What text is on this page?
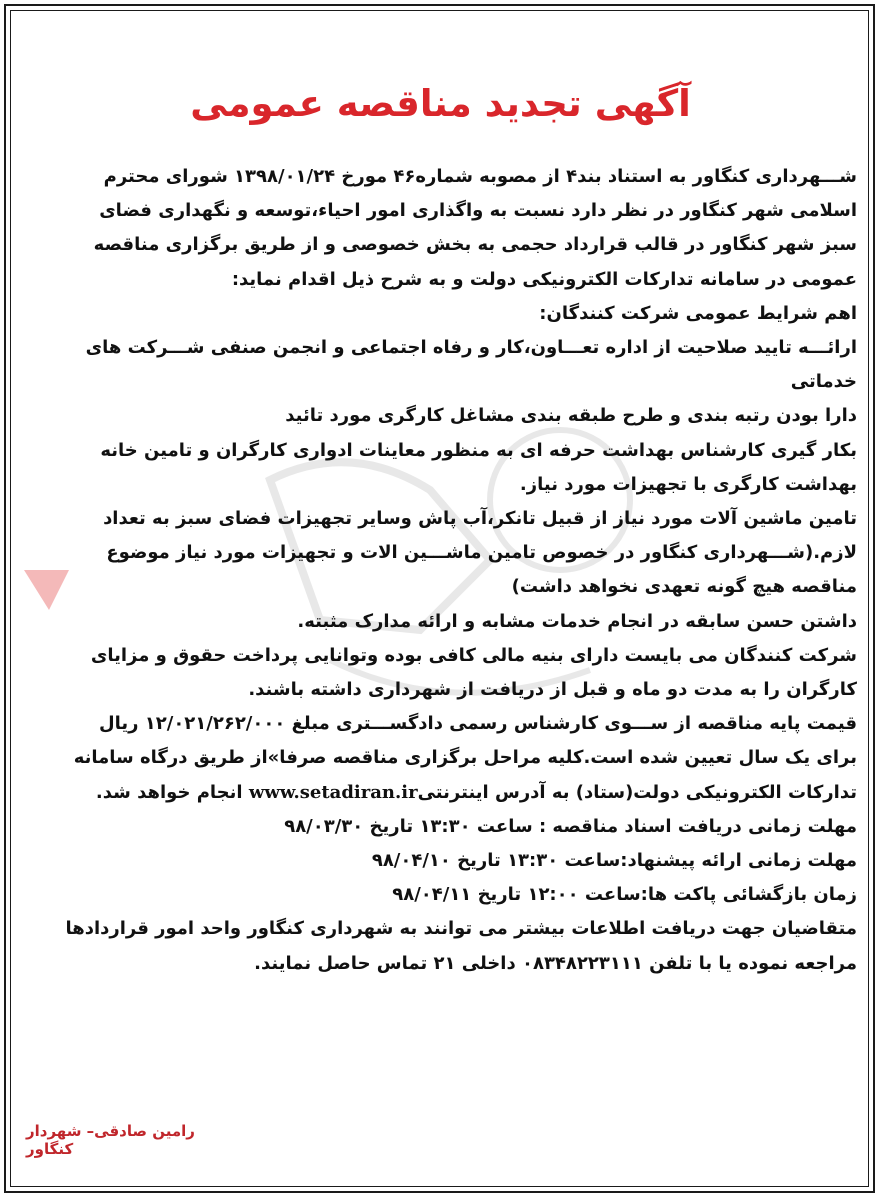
آگهی تجدید مناقصه عمومی
شـــهرداری کنگاور به استناد بند۴ از مصوبه شماره۴۶ مورخ ۱۳۹۸/۰۱/۲۴ شورای محترم
اسلامی شهر کنگاور در نظر دارد نسبت به واگذاری امور احیاء،توسعه و نگهداری فضای
سبز شهر کنگاور در قالب قرارداد حجمی به بخش خصوصی و از طریق برگزاری مناقصه
عمومی در سامانه تدارکات الکترونیکی دولت و به شرح ذیل اقدام نماید:
اهم شرایط عمومی شرکت کنندگان:
ارائـــه تایید صلاحیت از اداره تعـــاون،کار و رفاه اجتماعی و انجمن صنفی شـــرکت های
خدماتی
دارا بودن رتبه بندی و طرح طبقه بندی مشاغل کارگری مورد تائید
بکار گیری کارشناس بهداشت حرفه ای به منظور معاینات ادواری کارگران و تامین خانه
بهداشت کارگری با تجهیزات مورد نیاز.
تامین ماشین آلات مورد نیاز از قبیل تانکر،آب پاش وسایر تجهیزات فضای سبز به تعداد
لازم.(شـــهرداری کنگاور در خصوص تامین ماشـــین الات و تجهیزات مورد نیاز موضوع
مناقصه هیچ گونه تعهدی نخواهد داشت)
داشتن حسن سابقه در انجام خدمات مشابه و ارائه مدارک مثبته.
شرکت کنندگان می بایست دارای بنیه مالی کافی بوده وتوانایی پرداخت حقوق و مزایای
کارگران را به مدت دو ماه و قبل از دریافت از شهرداری داشته باشند.
قیمت پایه مناقصه از ســـوی کارشناس رسمی دادگســـتری مبلغ ۱۲/۰۲۱/۲۶۲/۰۰۰ ریال
برای یک سال تعیین شده است.کلیه مراحل برگزاری مناقصه صرفا»از طریق درگاه سامانه
تدارکات الکترونیکی دولت(ستاد) به آدرس اینترنتیwww.setadiran.ir انجام خواهد شد.
مهلت زمانی دریافت اسناد مناقصه : ساعت ۱۳:۳۰ تاریخ ۹۸/۰۳/۳۰
مهلت زمانی ارائه پیشنهاد:ساعت ۱۳:۳۰ تاریخ ۹۸/۰۴/۱۰
زمان بازگشائی پاکت ها:ساعت ۱۲:۰۰ تاریخ ۹۸/۰۴/۱۱
متقاضیان جهت دریافت اطلاعات بیشتر می توانند به شهرداری کنگاور واحد امور قراردادها
مراجعه نموده یا با تلفن ۰۸۳۴۸۲۲۳۱۱۱ داخلی ۲۱ تماس حاصل نمایند.
رامین صادقی– شهردار کنگاور
